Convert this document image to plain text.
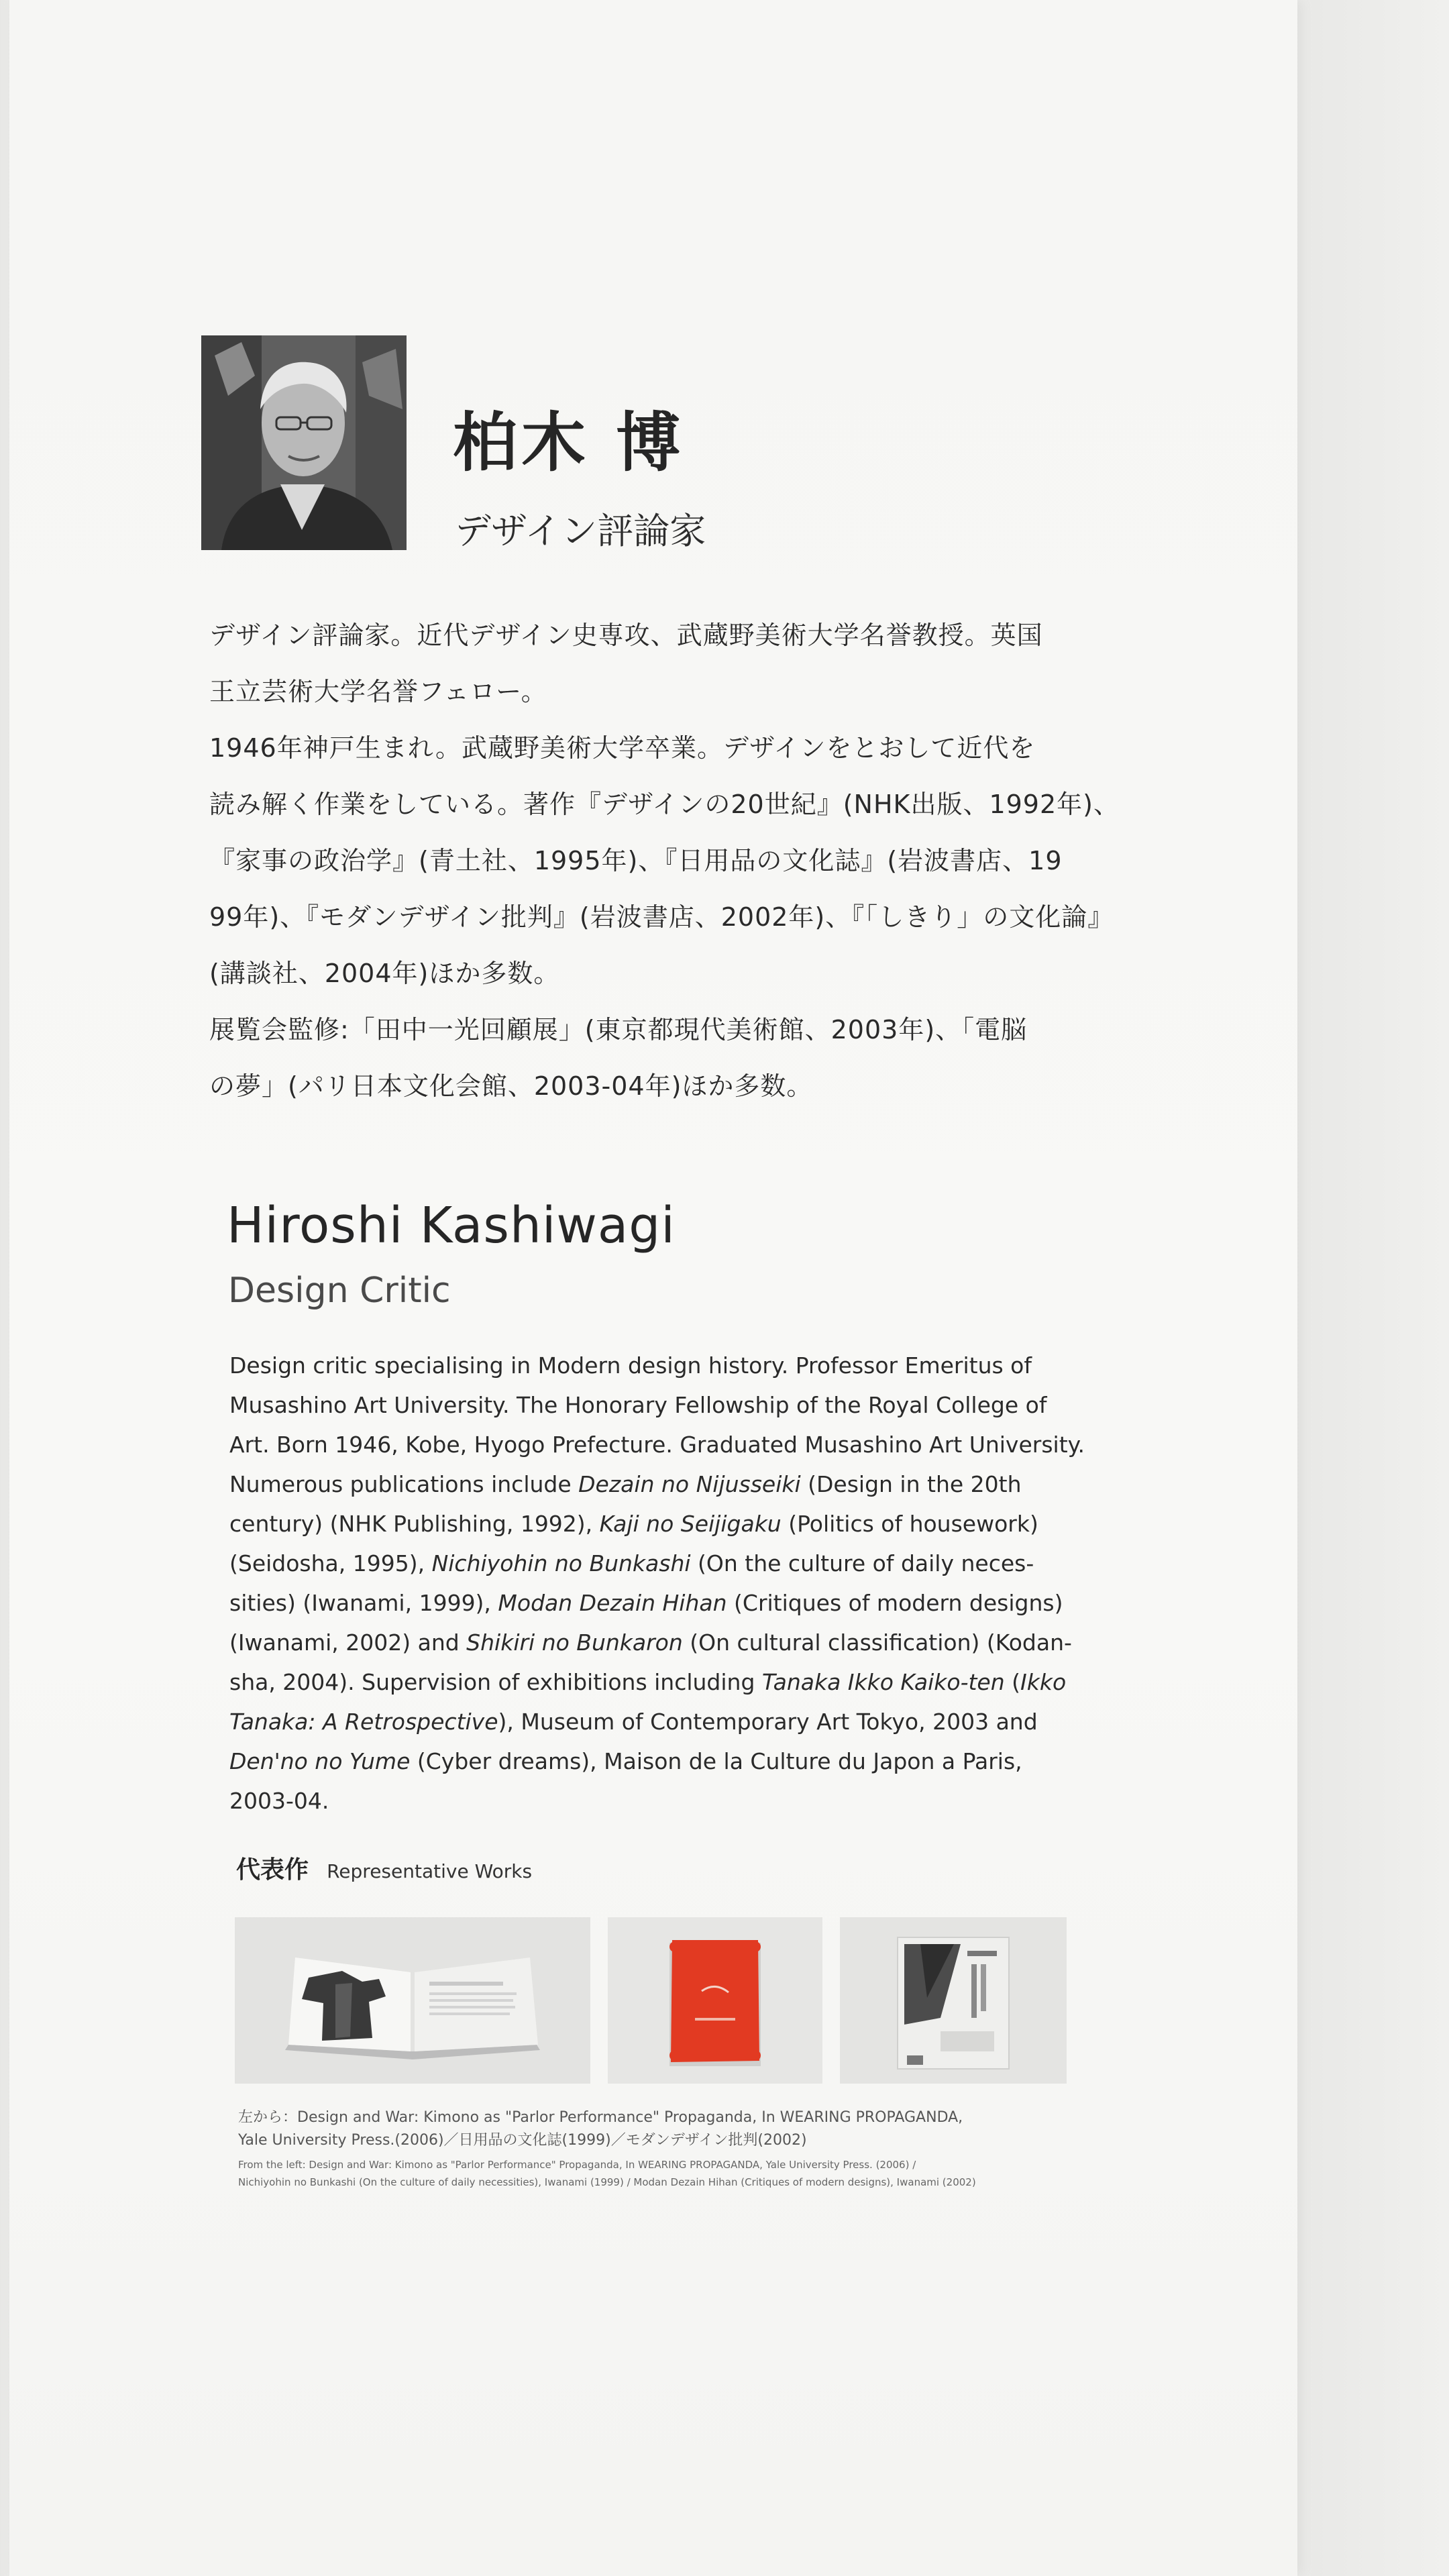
柏木 博
デザイン評論家

デザイン評論家。近代デザイン史専攻、武蔵野美術大学名誉教授。英国

王立芸術大学名誉フェロー。

1946年神戸生まれ。武蔵野美術大学卒業。デザインをとおして近代を

読み解く作業をしている。著作『デザインの20世紀』(NHK出版、1992年)、

『家事の政治学』(青土社、1995年)、『日用品の文化誌』(岩波書店、19

99年)、『モダンデザイン批判』(岩波書店、2002年)、『「しきり」の文化論』

(講談社、2004年)ほか多数。

展覧会監修:「田中一光回顧展」(東京都現代美術館、2003年)、「電脳

の夢」(パリ日本文化会館、2003-04年)ほか多数。

Hiroshi Kashiwagi
Design Critic

Design critic specialising in Modern design history. Professor Emeritus of

Musashino Art University. The Honorary Fellowship of the Royal College of

Art. Born 1946, Kobe, Hyogo Prefecture. Graduated Musashino Art University.

Numerous publications include Dezain no Nijusseiki (Design in the 20th

century) (NHK Publishing, 1992), Kaji no Seijigaku (Politics of housework)

(Seidosha, 1995), Nichiyohin no Bunkashi (On the culture of daily neces-

sities) (Iwanami, 1999), Modan Dezain Hihan (Critiques of modern designs)

(Iwanami, 2002) and Shikiri no Bunkaron (On cultural classification) (Kodan-

sha, 2004). Supervision of exhibitions including Tanaka Ikko Kaiko-ten (Ikko

Tanaka: A Retrospective), Museum of Contemporary Art Tokyo, 2003 and

Den'no no Yume (Cyber dreams), Maison de la Culture du Japon a Paris,

2003-04.

代表作 Representative Works

左から：Design and War: Kimono as "Parlor Performance" Propaganda, In WEARING PROPAGANDA,

Yale University Press.(2006)／日用品の文化誌(1999)／モダンデザイン批判(2002)

From the left: Design and War: Kimono as "Parlor Performance" Propaganda, In WEARING PROPAGANDA, Yale University Press. (2006) /

Nichiyohin no Bunkashi (On the culture of daily necessities), Iwanami (1999) / Modan Dezain Hihan (Critiques of modern designs), Iwanami (2002)
